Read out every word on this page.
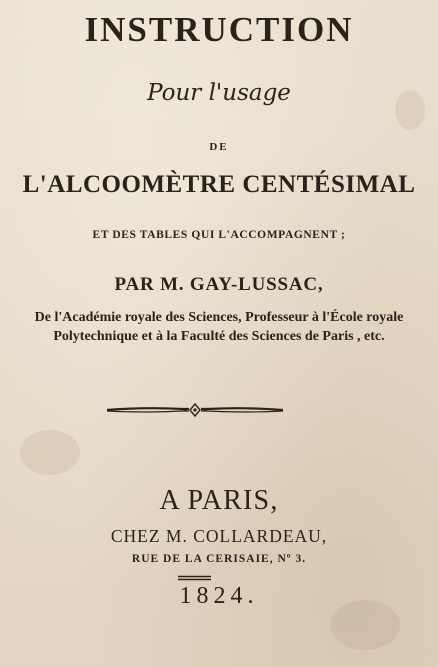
INSTRUCTION
Pour l'usage
DE
L'ALCOOMÈTRE CENTÉSIMAL
ET DES TABLES QUI L'ACCOMPAGNENT ;
PAR M. GAY-LUSSAC,
De l'Académie royale des Sciences, Professeur à l'École royale
Polytechnique et à la Faculté des Sciences de Paris , etc.
A PARIS,
CHEZ M. COLLARDEAU,
RUE DE LA CERISAIE, Nº 3.
1824.
